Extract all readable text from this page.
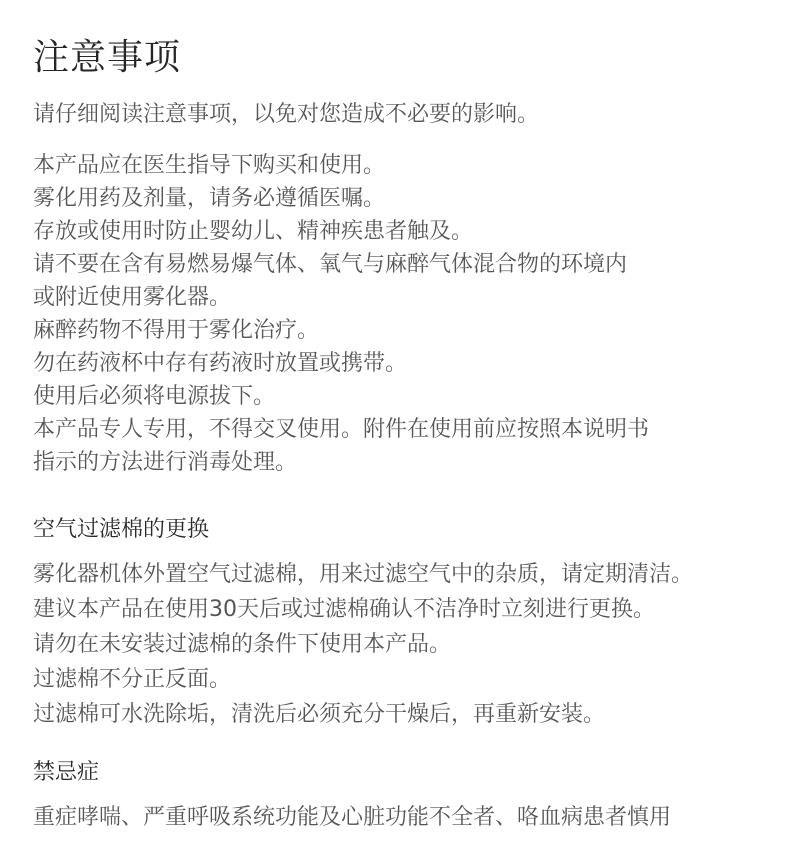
注意事项
请仔细阅读注意事项，以免对您造成不必要的影响。
本产品应在医生指导下购买和使用。
雾化用药及剂量，请务必遵循医嘱。
存放或使用时防止婴幼儿、精神疾患者触及。
请不要在含有易燃易爆气体、氧气与麻醉气体混合物的环境内
或附近使用雾化器。
麻醉药物不得用于雾化治疗。
勿在药液杯中存有药液时放置或携带。
使用后必须将电源拔下。
本产品专人专用，不得交叉使用。附件在使用前应按照本说明书
指示的方法进行消毒处理。
空气过滤棉的更换
雾化器机体外置空气过滤棉，用来过滤空气中的杂质，请定期清洁。
建议本产品在使用30天后或过滤棉确认不洁净时立刻进行更换。
请勿在未安装过滤棉的条件下使用本产品。
过滤棉不分正反面。
过滤棉可水洗除垢，清洗后必须充分干燥后，再重新安装。
禁忌症
重症哮喘、严重呼吸系统功能及心脏功能不全者、咯血病患者慎用
